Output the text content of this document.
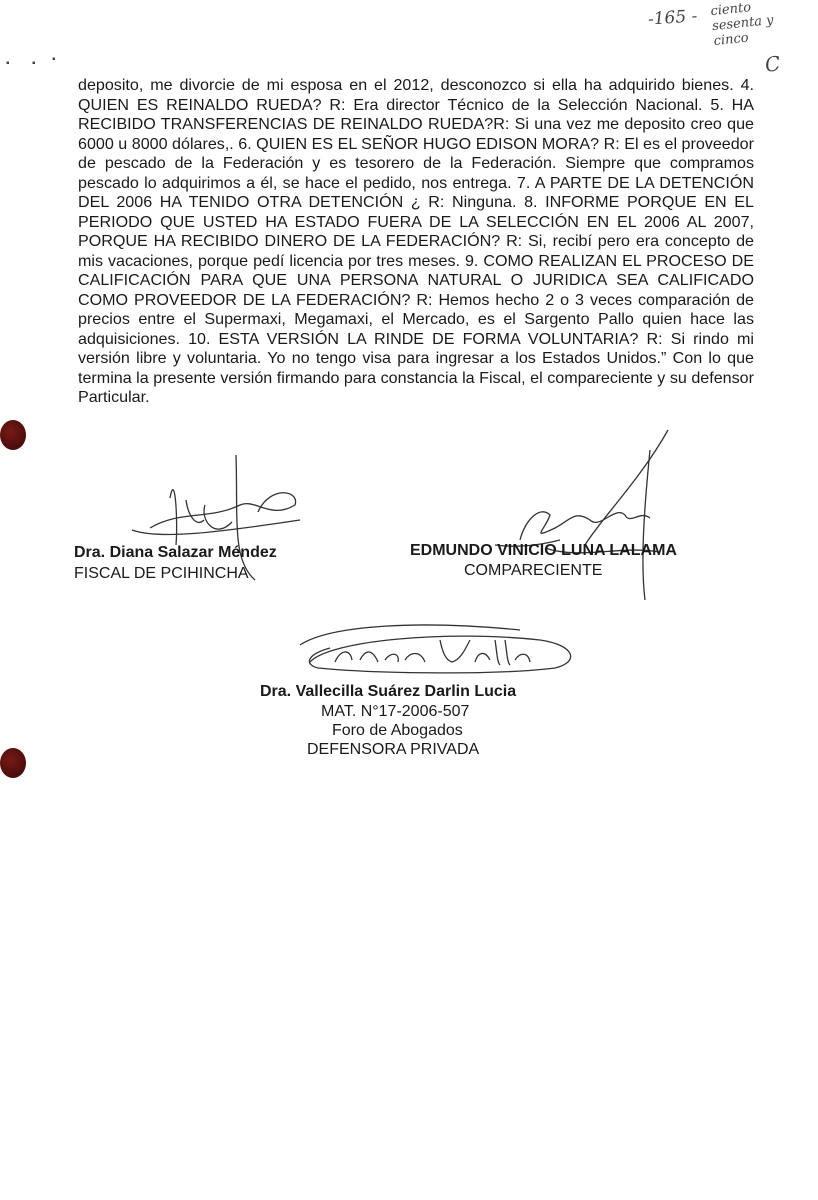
▪ ▪ ▪
-165 - ciento
sesenta y
cinco
C

deposito, me divorcie de mi esposa en el 2012, desconozco si ella ha adquirido bienes. 4. QUIEN ES REINALDO RUEDA? R: Era director Técnico de la Selección Nacional. 5. HA RECIBIDO TRANSFERENCIAS DE REINALDO RUEDA?R: Si una vez me deposito creo que 6000 u 8000 dólares,. 6. QUIEN ES EL SEÑOR HUGO EDISON MORA? R: El es el proveedor de pescado de la Federación y es tesorero de la Federación. Siempre que compramos pescado lo adquirimos a él, se hace el pedido, nos entrega. 7. A PARTE DE LA DETENCIÓN DEL 2006 HA TENIDO OTRA DETENCIÓN ¿ R: Ninguna. 8. INFORME PORQUE EN EL PERIODO QUE USTED HA ESTADO FUERA DE LA SELECCIÓN EN EL 2006 AL 2007, PORQUE HA RECIBIDO DINERO DE LA FEDERACIÓN? R: Si, recibí pero era concepto de mis vacaciones, porque pedí licencia por tres meses. 9. COMO REALIZAN EL PROCESO DE CALIFICACIÓN PARA QUE UNA PERSONA NATURAL O JURIDICA SEA CALIFICADO COMO PROVEEDOR DE LA FEDERACIÓN? R: Hemos hecho 2 o 3 veces comparación de precios entre el Supermaxi, Megamaxi, el Mercado, es el Sargento Pallo quien hace las adquisiciones. 10. ESTA VERSIÓN LA RINDE DE FORMA VOLUNTARIA? R: Si rindo mi versión libre y voluntaria. Yo no tengo visa para ingresar a los Estados Unidos.” Con lo que termina la presente versión firmando para constancia la Fiscal, el compareciente y su defensor Particular.

Dra. Diana Salazar Méndez
FISCAL DE PCIHINCHA
EDMUNDO VINICIO LUNA LALAMA
COMPARECIENTE
Dra. Vallecilla Suárez Darlin Lucia
MAT. N°17-2006-507
Foro de Abogados
DEFENSORA PRIVADA
